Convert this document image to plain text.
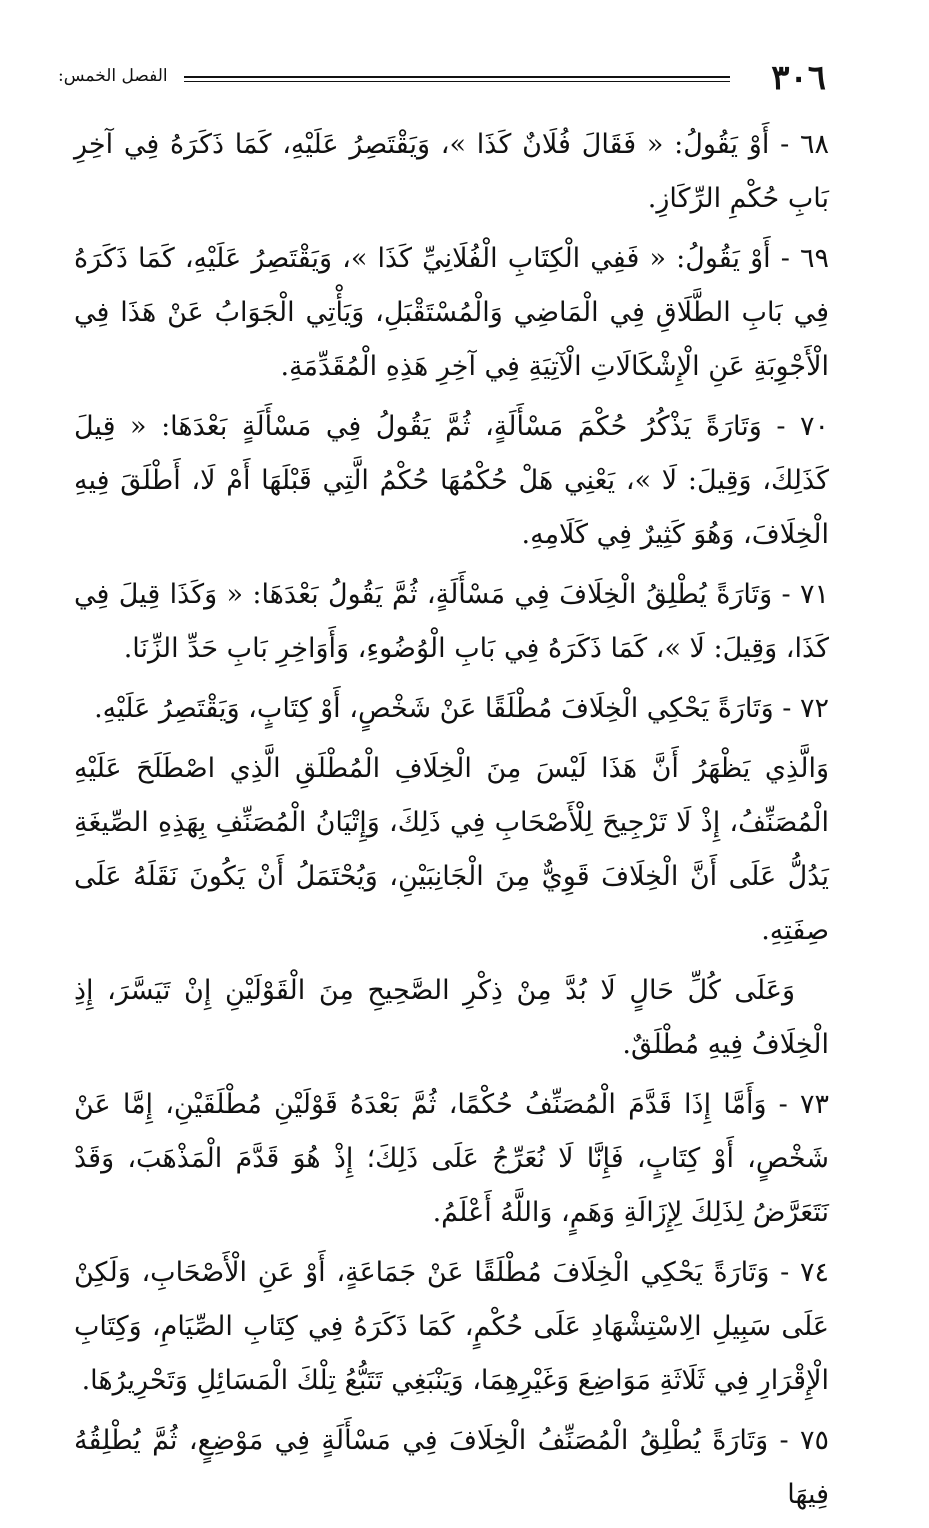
٣٠٦
الفصل الخمس:

٦٨ - أَوْ يَقُولُ: « فَقَالَ فُلَانٌ كَذَا »، وَيَقْتَصِرُ عَلَيْهِ، كَمَا ذَكَرَهُ فِي آخِرِ بَابِ حُكْمِ الرِّكَازِ.

٦٩ - أَوْ يَقُولُ: « فَفِي الْكِتَابِ الْفُلَانِيِّ كَذَا »، وَيَقْتَصِرُ عَلَيْهِ، كَمَا ذَكَرَهُ فِي بَابِ الطَّلَاقِ فِي الْمَاضِي وَالْمُسْتَقْبَلِ، وَيَأْتِي الْجَوَابُ عَنْ هَذَا فِي الْأَجْوِبَةِ عَنِ الْإِشْكَالَاتِ الْآتِيَةِ فِي آخِرِ هَذِهِ الْمُقَدِّمَةِ.

٧٠ - وَتَارَةً يَذْكُرُ حُكْمَ مَسْأَلَةٍ، ثُمَّ يَقُولُ فِي مَسْأَلَةٍ بَعْدَهَا: « قِيلَ كَذَلِكَ، وَقِيلَ: لَا »، يَعْنِي هَلْ حُكْمُهَا حُكْمُ الَّتِي قَبْلَهَا أَمْ لَا، أَطْلَقَ فِيهِ الْخِلَافَ، وَهُوَ كَثِيرٌ فِي كَلَامِهِ.

٧١ - وَتَارَةً يُطْلِقُ الْخِلَافَ فِي مَسْأَلَةٍ، ثُمَّ يَقُولُ بَعْدَهَا: « وَكَذَا قِيلَ فِي كَذَا، وَقِيلَ: لَا »، كَمَا ذَكَرَهُ فِي بَابِ الْوُضُوءِ، وَأَوَاخِرِ بَابِ حَدِّ الزِّنَا.

٧٢ - وَتَارَةً يَحْكِي الْخِلَافَ مُطْلَقًا عَنْ شَخْصٍ، أَوْ كِتَابٍ، وَيَقْتَصِرُ عَلَيْهِ.

وَالَّذِي يَظْهَرُ أَنَّ هَذَا لَيْسَ مِنَ الْخِلَافِ الْمُطْلَقِ الَّذِي اصْطَلَحَ عَلَيْهِ الْمُصَنِّفُ، إِذْ لَا تَرْجِيحَ لِلْأَصْحَابِ فِي ذَلِكَ، وَإِتْيَانُ الْمُصَنِّفِ بِهَذِهِ الصِّيغَةِ يَدُلُّ عَلَى أَنَّ الْخِلَافَ قَوِيٌّ مِنَ الْجَانِبَيْنِ، وَيُحْتَمَلُ أَنْ يَكُونَ نَقَلَهُ عَلَى صِفَتِهِ.

وَعَلَى كُلِّ حَالٍ لَا بُدَّ مِنْ ذِكْرِ الصَّحِيحِ مِنَ الْقَوْلَيْنِ إِنْ تَيَسَّرَ، إِذِ الْخِلَافُ فِيهِ مُطْلَقٌ.

٧٣ - وَأَمَّا إِذَا قَدَّمَ الْمُصَنِّفُ حُكْمًا، ثُمَّ بَعْدَهُ قَوْلَيْنِ مُطْلَقَيْنِ، إِمَّا عَنْ شَخْصٍ، أَوْ كِتَابٍ، فَإِنَّا لَا نُعَرِّجُ عَلَى ذَلِكَ؛ إِذْ هُوَ قَدَّمَ الْمَذْهَبَ، وَقَدْ نَتَعَرَّضُ لِذَلِكَ لِإِزَالَةِ وَهَمٍ، وَاللَّهُ أَعْلَمُ.

٧٤ - وَتَارَةً يَحْكِي الْخِلَافَ مُطْلَقًا عَنْ جَمَاعَةٍ، أَوْ عَنِ الْأَصْحَابِ، وَلَكِنْ عَلَى سَبِيلِ الِاسْتِشْهَادِ عَلَى حُكْمٍ، كَمَا ذَكَرَهُ فِي كِتَابِ الصِّيَامِ، وَكِتَابِ الْإِقْرَارِ فِي ثَلَاثَةِ مَوَاضِعَ وَغَيْرِهِمَا، وَيَنْبَغِي تَتَبُّعُ تِلْكَ الْمَسَائِلِ وَتَحْرِيرُهَا.

٧٥ - وَتَارَةً يُطْلِقُ الْمُصَنِّفُ الْخِلَافَ فِي مَسْأَلَةٍ فِي مَوْضِعٍ، ثُمَّ يُطْلِقُهُ فِيهَا
